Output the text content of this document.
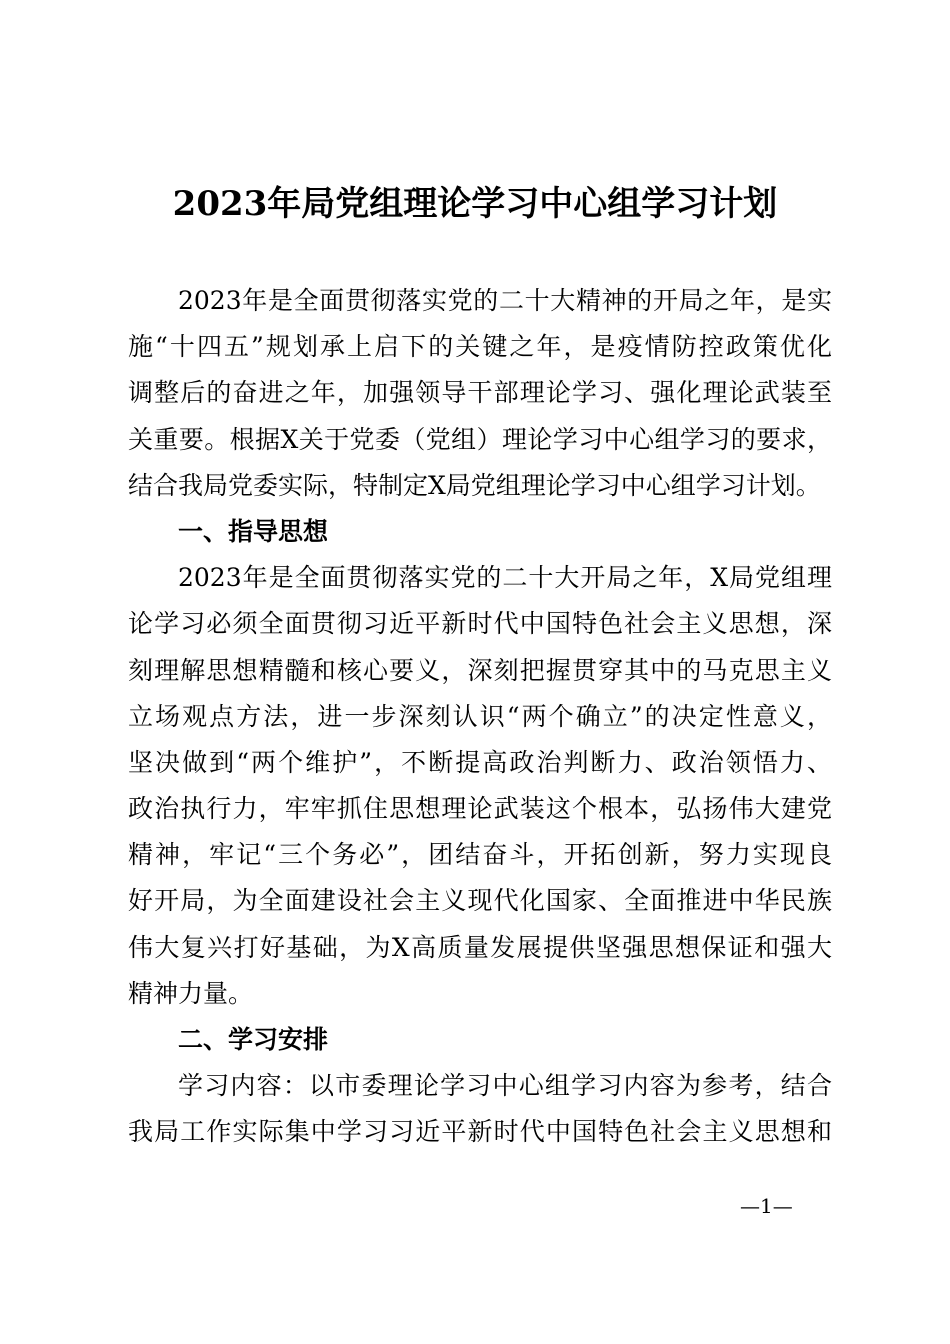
2023年局党组理论学习中心组学习计划
2023年是全面贯彻落实党的二十大精神的开局之年，是实
施“十四五”规划承上启下的关键之年，是疫情防控政策优化
调整后的奋进之年，加强领导干部理论学习、强化理论武装至
关重要。根据X关于党委（党组）理论学习中心组学习的要求，
结合我局党委实际，特制定X局党组理论学习中心组学习计划。
一、指导思想
2023年是全面贯彻落实党的二十大开局之年，X局党组理
论学习必须全面贯彻习近平新时代中国特色社会主义思想，深
刻理解思想精髓和核心要义，深刻把握贯穿其中的马克思主义
立场观点方法，进一步深刻认识“两个确立”的决定性意义，
坚决做到“两个维护”，不断提高政治判断力、政治领悟力、
政治执行力，牢牢抓住思想理论武装这个根本，弘扬伟大建党
精神，牢记“三个务必”，团结奋斗，开拓创新，努力实现良
好开局，为全面建设社会主义现代化国家、全面推进中华民族
伟大复兴打好基础，为X高质量发展提供坚强思想保证和强大
精神力量。
二、学习安排
学习内容：以市委理论学习中心组学习内容为参考，结合
我局工作实际集中学习习近平新时代中国特色社会主义思想和
—1—
